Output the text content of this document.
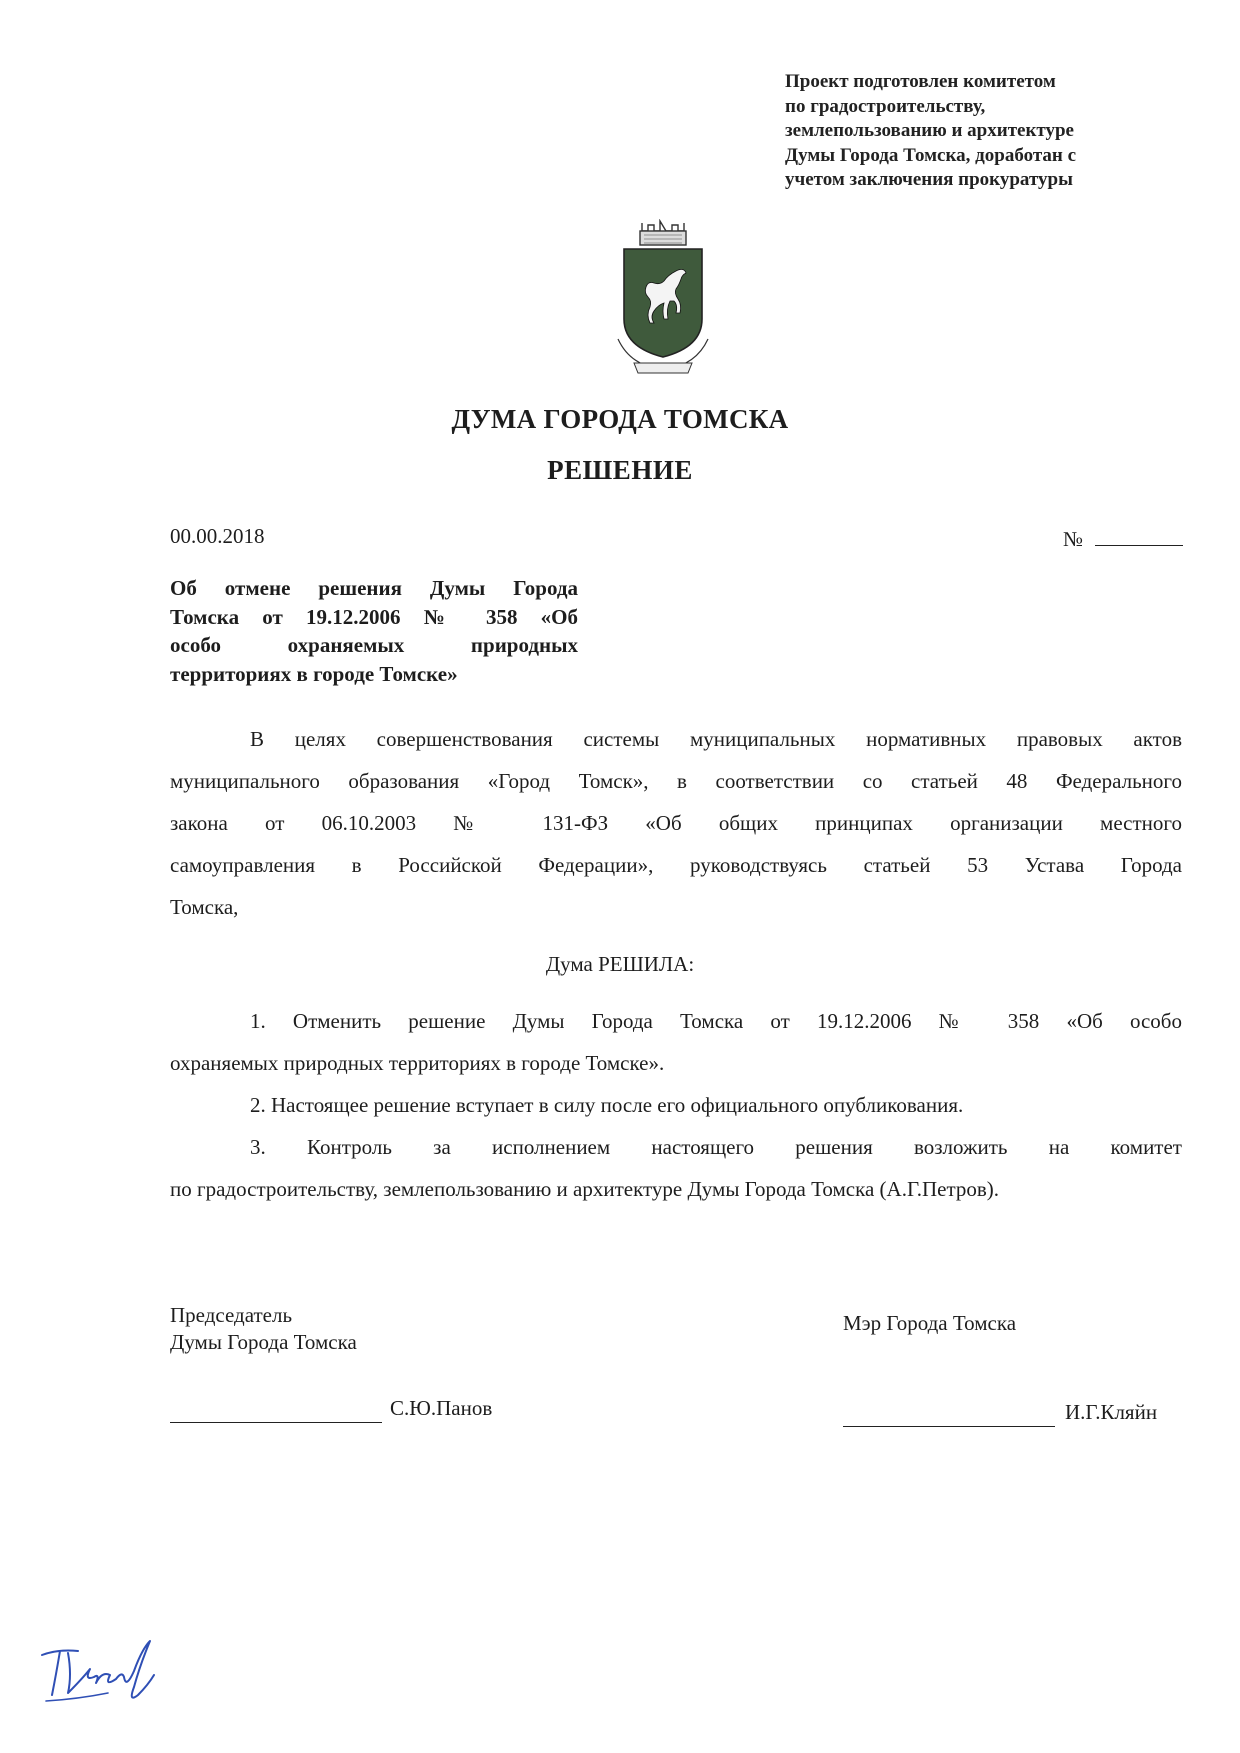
Проект подготовлен комитетом
по градостроительству,
землепользованию и архитектуре
Думы Города Томска, доработан с
учетом заключения прокуратуры
ДУМА ГОРОДА ТОМСКА
РЕШЕНИЕ
00.00.2018	№
Об отмене решения Думы Города
Томска от 19.12.2006 № 358 «Об
особо охраняемых природных
территориях в городе Томске»
В целях совершенствования системы муниципальных нормативных правовых актов
муниципального образования «Город Томск», в соответствии со статьей 48 Федерального
закона от 06.10.2003 № 131-ФЗ «Об общих принципах организации местного
самоуправления в Российской Федерации», руководствуясь статьей 53 Устава Города
Томска,
Дума РЕШИЛА:
1. Отменить решение Думы Города Томска от 19.12.2006 № 358 «Об особо
охраняемых природных территориях в городе Томске».
2. Настоящее решение вступает в силу после его официального опубликования.
3. Контроль за исполнением настоящего решения возложить на комитет
по градостроительству, землепользованию и архитектуре Думы Города Томска (А.Г.Петров).
Председатель
Думы Города Томска
Мэр Города Томска
С.Ю.Панов	И.Г.Кляйн
